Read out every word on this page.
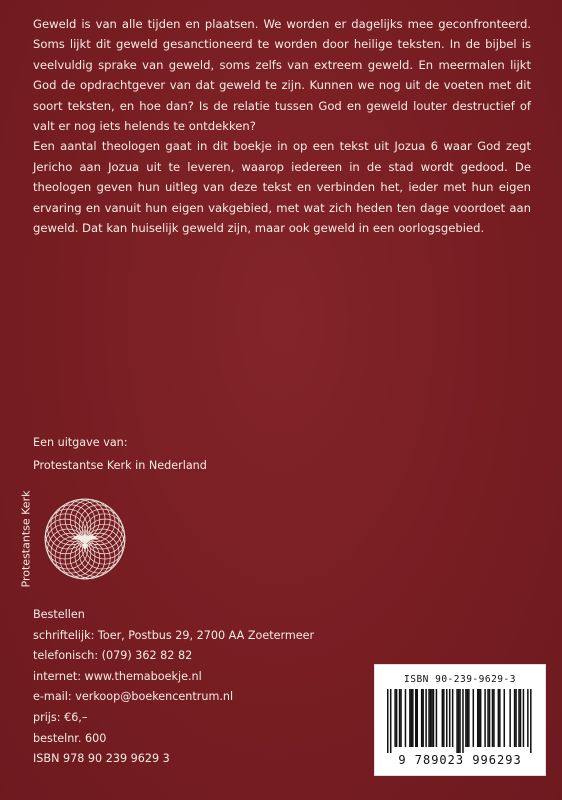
Geweld is van alle tijden en plaatsen. We worden er dagelijks mee geconfronteerd. Soms lijkt dit geweld gesanctioneerd te worden door heilige teksten. In de bijbel is veelvuldig sprake van geweld, soms zelfs van extreem geweld. En meermalen lijkt God de opdrachtgever van dat geweld te zijn. Kunnen we nog uit de voeten met dit soort teksten, en hoe dan? Is de relatie tussen God en geweld louter destructief of valt er nog iets helends te ontdekken?

Een aantal theologen gaat in dit boekje in op een tekst uit Jozua 6 waar God zegt Jericho aan Jozua uit te leveren, waarop iedereen in de stad wordt gedood. De theologen geven hun uitleg van deze tekst en verbinden het, ieder met hun eigen ervaring en vanuit hun eigen vakgebied, met wat zich heden ten dage voordoet aan geweld. Dat kan huiselijk geweld zijn, maar ook geweld in een oorlogsgebied.

Een uitgave van:
Protestantse Kerk in Nederland
Protestantse Kerk
Bestellen
schriftelijk: Toer, Postbus 29, 2700 AA Zoetermeer
telefonisch: (079) 362 82 82
internet: www.themaboekje.nl
e-mail: verkoop@boekencentrum.nl
prijs: €6,–
bestelnr. 600
ISBN 978 90 239 9629 3
ISBN 90-239-9629-3
9 789023 996293
